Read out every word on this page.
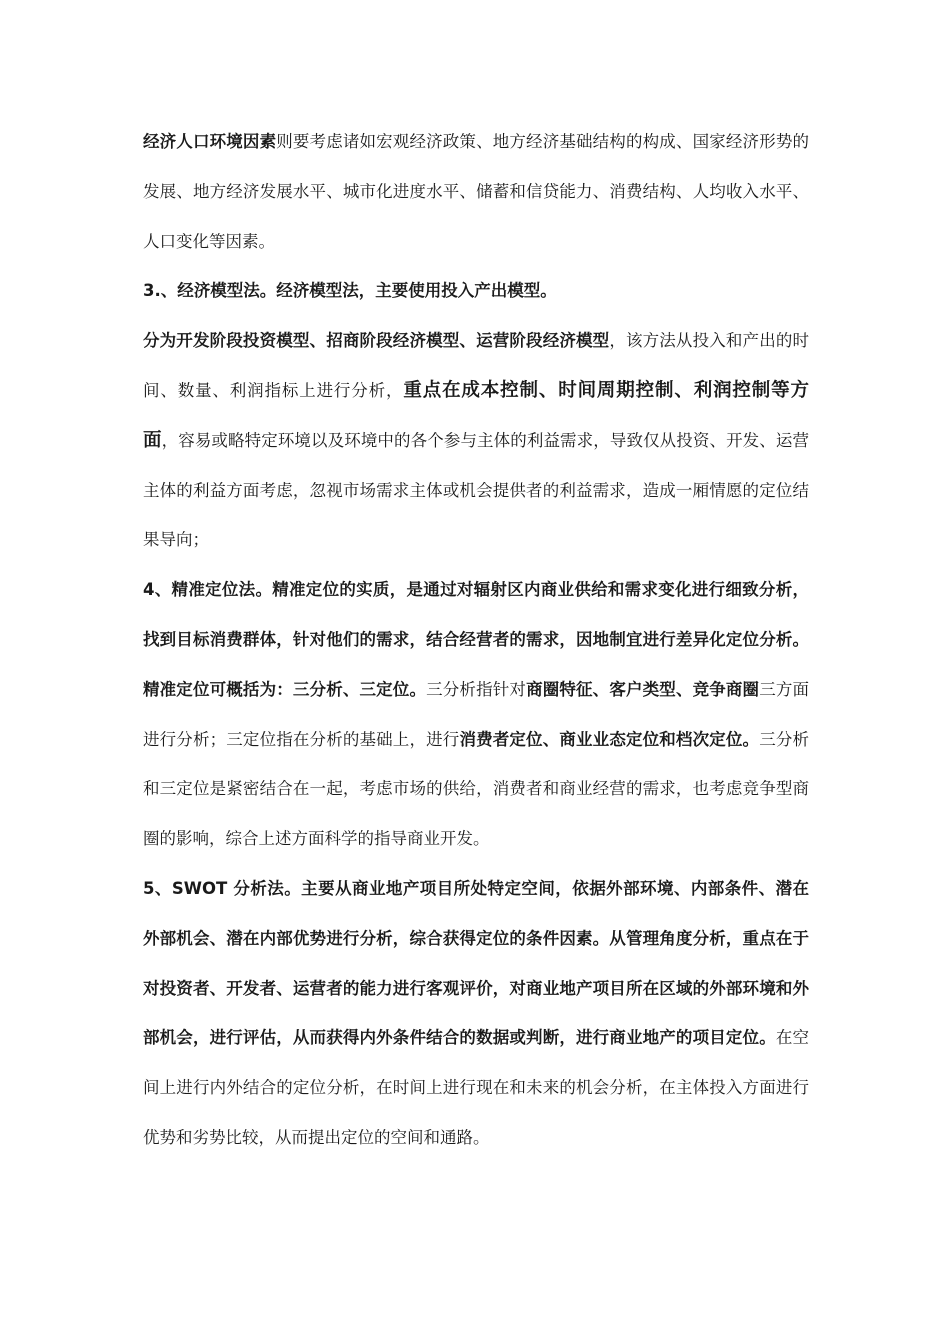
经济人口环境因素则要考虑诸如宏观经济政策、地方经济基础结构的构成、国家经济形势的发展、地方经济发展水平、城市化进度水平、储蓄和信贷能力、消费结构、人均收入水平、人口变化等因素。

3.、经济模型法。经济模型法，主要使用投入产出模型。

分为开发阶段投资模型、招商阶段经济模型、运营阶段经济模型，该方法从投入和产出的时间、数量、利润指标上进行分析，重点在成本控制、时间周期控制、利润控制等方面，容易或略特定环境以及环境中的各个参与主体的利益需求，导致仅从投资、开发、运营主体的利益方面考虑，忽视市场需求主体或机会提供者的利益需求，造成一厢情愿的定位结果导向；

4、精准定位法。精准定位的实质，是通过对辐射区内商业供给和需求变化进行细致分析，找到目标消费群体，针对他们的需求，结合经营者的需求，因地制宜进行差异化定位分析。精准定位可概括为：三分析、三定位。三分析指针对商圈特征、客户类型、竞争商圈三方面进行分析；三定位指在分析的基础上，进行消费者定位、商业业态定位和档次定位。三分析和三定位是紧密结合在一起，考虑市场的供给，消费者和商业经营的需求，也考虑竞争型商圈的影响，综合上述方面科学的指导商业开发。

5、SWOT 分析法。主要从商业地产项目所处特定空间，依据外部环境、内部条件、潜在外部机会、潜在内部优势进行分析，综合获得定位的条件因素。从管理角度分析，重点在于对投资者、开发者、运营者的能力进行客观评价，对商业地产项目所在区域的外部环境和外部机会，进行评估，从而获得内外条件结合的数据或判断，进行商业地产的项目定位。在空间上进行内外结合的定位分析，在时间上进行现在和未来的机会分析，在主体投入方面进行优势和劣势比较，从而提出定位的空间和通路。
